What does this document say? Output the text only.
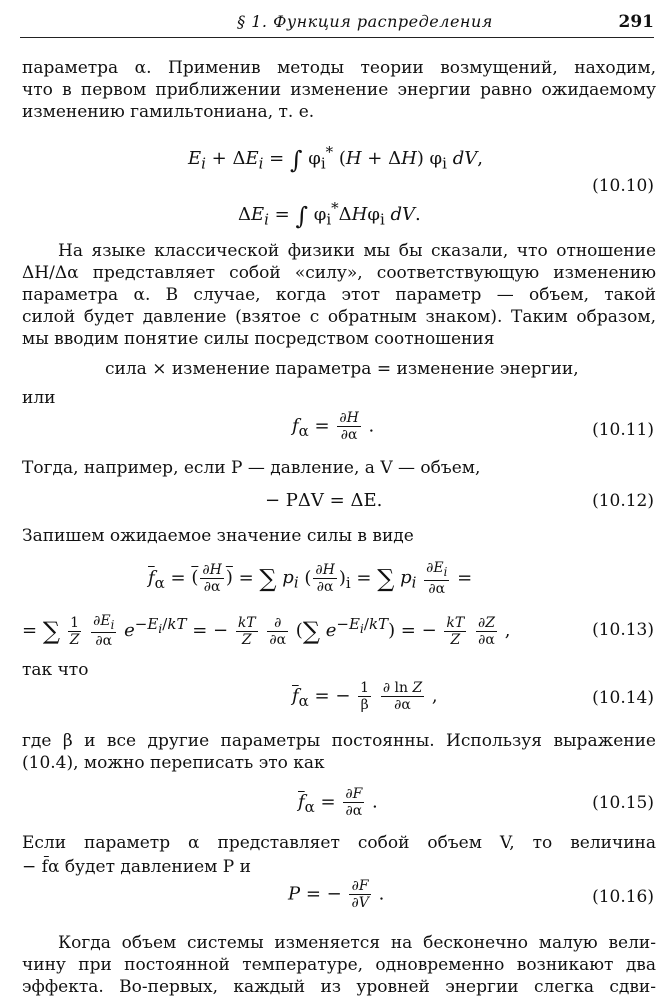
§ 1. Функция распределения	291
параметра α. Применив методы теории возмущений, находим,
что в первом приближении изменение энергии равно ожидаемому
изменению гамильтониана, т. е.
$E_i + \Delta E_i$ = ∫ $\varphi_i^*$ (H + ΔH) $\varphi_i$ dV,
(10.10)
$\Delta E_i$ = ∫ $\varphi_i^*\Delta H\varphi_i$ dV.
На языке классической физики мы бы сказали, что отношение
ΔH/Δα представляет собой «силу», соответствующую изменению
параметра α. В случае, когда этот параметр — объем, такой
силой будет давление (взятое с обратным знаком). Таким образом,
мы вводим понятие силы посредством соотношения
сила × изменение параметра = изменение энергии,
или
$f_\alpha = \frac{\partial H}{\partial\alpha}$ .	(10.11)
Тогда, например, если P — давление, а V — объем,
− PΔV = ΔE.	(10.12)
Запишем ожидаемое значение силы в виде
$\overline{f}_\alpha$ = ( $\frac{\partial H}{\partial\alpha}$ ) = ∑ $p_i$ ( $\frac{\partial H}{\partial\alpha} )_i$ = ∑ $p_i \frac{\partial E_i}{\partial\alpha}$ =
= ∑ $\frac{1}{Z}$
$\frac{\partial E_i}{\partial\alpha} e^{-E_i/kT}$ = − $\frac{kT}{Z}$
$\frac{\partial}{\partial\alpha}$ (∑ $e^{-E_i/kT}$) = − $\frac{kT}{Z}$
$\frac{\partial Z}{\partial\alpha}$ ,	(10.13)
так что
$\overline{f}_\alpha$ = − $\frac{1}{\beta}$
$\frac{\text{∂ ln Z}}{\partial\alpha}$ ,	(10.14)
где β и все другие параметры постоянны. Используя выражение
(10.4), можно переписать это как
$\overline{f}_\alpha = \frac{\partial F}{\partial\alpha}$ .	(10.15)
Если параметр α представляет собой объем V, то величина
− f̄α будет давлением P и
P = − $\frac{\partial F}{\partial V}$ .	(10.16)
Когда объем системы изменяется на бесконечно малую вели-
чину при постоянной температуре, одновременно возникают два
эффекта. Во-первых, каждый из уровней энергии слегка сдви-
